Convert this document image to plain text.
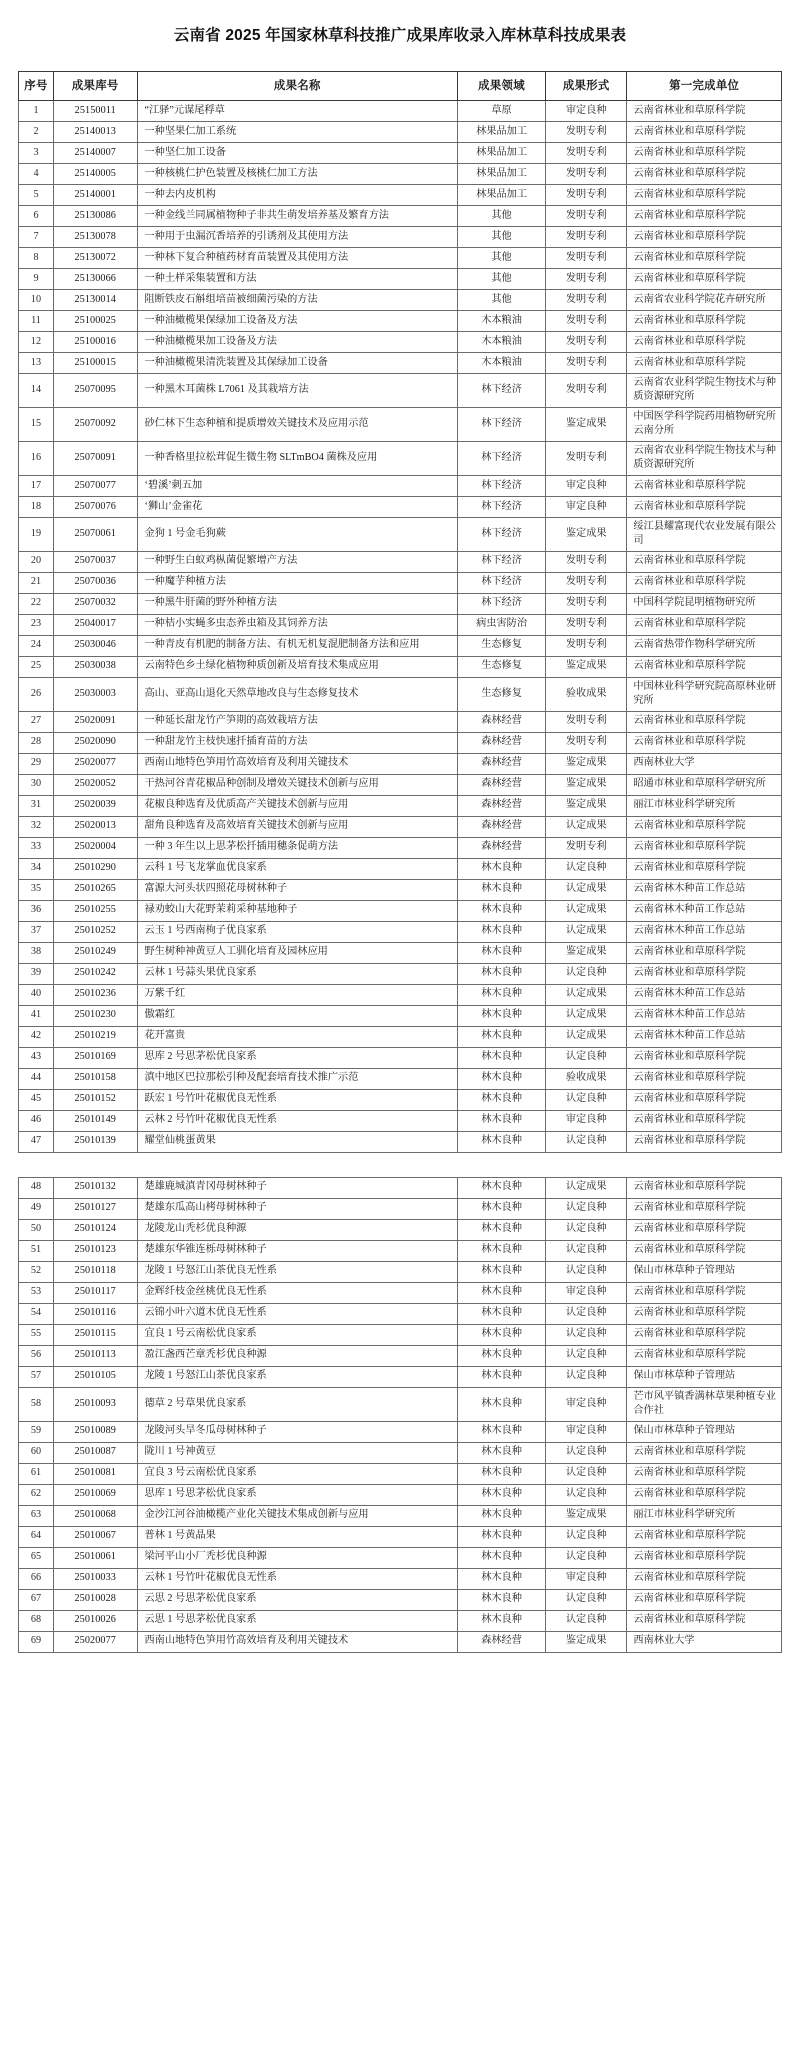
云南省 2025 年国家林草科技推广成果库收录入库林草科技成果表
序号	成果库号	成果名称	成果领域	成果形式	第一完成单位
1	25150011	“江驿”元谋尾稃草	草原	审定良种	云南省林业和草原科学院
2	25140013	一种坚果仁加工系统	林果品加工	发明专利	云南省林业和草原科学院
3	25140007	一种坚仁加工设备	林果品加工	发明专利	云南省林业和草原科学院
4	25140005	一种核桃仁护色装置及核桃仁加工方法	林果品加工	发明专利	云南省林业和草原科学院
5	25140001	一种去内皮机构	林果品加工	发明专利	云南省林业和草原科学院
6	25130086	一种金线兰同属植物种子非共生萌发培养基及繁育方法	其他	发明专利	云南省林业和草原科学院
7	25130078	一种用于虫漏沉香培养的引诱剂及其使用方法	其他	发明专利	云南省林业和草原科学院
8	25130072	一种林下复合种植药材育苗装置及其使用方法	其他	发明专利	云南省林业和草原科学院
9	25130066	一种土样采集装置和方法	其他	发明专利	云南省林业和草原科学院
10	25130014	阻断铁皮石斛组培苗被细菌污染的方法	其他	发明专利	云南省农业科学院花卉研究所
11	25100025	一种油橄榄果保绿加工设备及方法	木本粮油	发明专利	云南省林业和草原科学院
12	25100016	一种油橄榄果加工设备及方法	木本粮油	发明专利	云南省林业和草原科学院
13	25100015	一种油橄榄果清洗装置及其保绿加工设备	木本粮油	发明专利	云南省林业和草原科学院
14	25070095	一种黑木耳菌株 L7061 及其栽培方法	林下经济	发明专利	云南省农业科学院生物技术与种质资源研究所
15	25070092	砂仁林下生态种植和提质增效关键技术及应用示范	林下经济	鉴定成果	中国医学科学院药用植物研究所云南分所
16	25070091	一种香格里拉松茸促生微生物 SLTmBO4 菌株及应用	林下经济	发明专利	云南省农业科学院生物技术与种质资源研究所
17	25070077	‘碧溪’刺五加	林下经济	审定良种	云南省林业和草原科学院
18	25070076	‘狮山’金雀花	林下经济	审定良种	云南省林业和草原科学院
19	25070061	金狗 1 号金毛狗蕨	林下经济	鉴定成果	绥江县耀富现代农业发展有限公司
20	25070037	一种野生白蚁鸡枞菌促繁增产方法	林下经济	发明专利	云南省林业和草原科学院
21	25070036	一种魔芋种植方法	林下经济	发明专利	云南省林业和草原科学院
22	25070032	一种黑牛肝菌的野外种植方法	林下经济	发明专利	中国科学院昆明植物研究所
23	25040017	一种桔小实蝇多虫态养虫箱及其饲养方法	病虫害防治	发明专利	云南省林业和草原科学院
24	25030046	一种青皮有机肥的制备方法、有机无机复混肥制备方法和应用	生态修复	发明专利	云南省热带作物科学研究所
25	25030038	云南特色乡土绿化植物种质创新及培育技术集成应用	生态修复	鉴定成果	云南省林业和草原科学院
26	25030003	高山、亚高山退化天然草地改良与生态修复技术	生态修复	验收成果	中国林业科学研究院高原林业研究所
27	25020091	一种延长甜龙竹产笋期的高效栽培方法	森林经营	发明专利	云南省林业和草原科学院
28	25020090	一种甜龙竹主枝快速扦插育苗的方法	森林经营	发明专利	云南省林业和草原科学院
29	25020077	西南山地特色笋用竹高效培育及利用关键技术	森林经营	鉴定成果	西南林业大学
30	25020052	干热河谷青花椒品种创制及增效关键技术创新与应用	森林经营	鉴定成果	昭通市林业和草原科学研究所
31	25020039	花椒良种选育及优质高产关键技术创新与应用	森林经营	鉴定成果	丽江市林业科学研究所
32	25020013	甜角良种选育及高效培育关键技术创新与应用	森林经营	认定成果	云南省林业和草原科学院
33	25020004	一种 3 年生以上思茅松扦插用穗条促萌方法	森林经营	发明专利	云南省林业和草原科学院
34	25010290	云科 1 号飞龙掌血优良家系	林木良种	认定良种	云南省林业和草原科学院
35	25010265	富源大河头状四照花母树林种子	林木良种	认定成果	云南省林木种苗工作总站
36	25010255	禄劝蛟山大花野茉莉采种基地种子	林木良种	认定成果	云南省林木种苗工作总站
37	25010252	云玉 1 号西南栒子优良家系	林木良种	认定成果	云南省林木种苗工作总站
38	25010249	野生树种神黄豆人工驯化培育及园林应用	林木良种	鉴定成果	云南省林业和草原科学院
39	25010242	云林 1 号蒜头果优良家系	林木良种	认定良种	云南省林业和草原科学院
40	25010236	万紫千红	林木良种	认定成果	云南省林木种苗工作总站
41	25010230	傲霜红	林木良种	认定成果	云南省林木种苗工作总站
42	25010219	花开富贵	林木良种	认定成果	云南省林木种苗工作总站
43	25010169	思库 2 号思茅松优良家系	林木良种	认定良种	云南省林业和草原科学院
44	25010158	滇中地区巴拉那松引种及配套培育技术推广示范	林木良种	验收成果	云南省林业和草原科学院
45	25010152	跃宏 1 号竹叶花椒优良无性系	林木良种	认定良种	云南省林业和草原科学院
46	25010149	云林 2 号竹叶花椒优良无性系	林木良种	审定良种	云南省林业和草原科学院
47	25010139	耀堂仙桃蛋黄果	林木良种	认定良种	云南省林业和草原科学院
48	25010132	楚雄鹿城滇青冈母树林种子	林木良种	认定成果	云南省林业和草原科学院
49	25010127	楚雄东瓜高山栲母树林种子	林木良种	认定良种	云南省林业和草原科学院
50	25010124	龙陵龙山秃杉优良种源	林木良种	认定良种	云南省林业和草原科学院
51	25010123	楚雄东华锥连栎母树林种子	林木良种	认定良种	云南省林业和草原科学院
52	25010118	龙陵 1 号怒江山茶优良无性系	林木良种	认定良种	保山市林草种子管理站
53	25010117	金辉纤枝金丝桃优良无性系	林木良种	审定良种	云南省林业和草原科学院
54	25010116	云锦小叶六道木优良无性系	林木良种	认定良种	云南省林业和草原科学院
55	25010115	宜良 1 号云南松优良家系	林木良种	认定良种	云南省林业和草原科学院
56	25010113	盈江盏西芒章秃杉优良种源	林木良种	认定良种	云南省林业和草原科学院
57	25010105	龙陵 1 号怒江山茶优良家系	林木良种	认定良种	保山市林草种子管理站
58	25010093	德草 2 号草果优良家系	林木良种	审定良种	芒市风平镇香满林草果种植专业合作社
59	25010089	龙陵河头旱冬瓜母树林种子	林木良种	审定良种	保山市林草种子管理站
60	25010087	陇川 1 号神黄豆	林木良种	认定良种	云南省林业和草原科学院
61	25010081	宜良 3 号云南松优良家系	林木良种	认定良种	云南省林业和草原科学院
62	25010069	思库 1 号思茅松优良家系	林木良种	认定良种	云南省林业和草原科学院
63	25010068	金沙江河谷油橄榄产业化关键技术集成创新与应用	林木良种	鉴定成果	丽江市林业科学研究所
64	25010067	普林 1 号黄晶果	林木良种	认定良种	云南省林业和草原科学院
65	25010061	梁河平山小厂秃杉优良种源	林木良种	认定良种	云南省林业和草原科学院
66	25010033	云林 1 号竹叶花椒优良无性系	林木良种	审定良种	云南省林业和草原科学院
67	25010028	云思 2 号思茅松优良家系	林木良种	认定良种	云南省林业和草原科学院
68	25010026	云思 1 号思茅松优良家系	林木良种	认定良种	云南省林业和草原科学院
69	25020077	西南山地特色笋用竹高效培育及利用关键技术	森林经营	鉴定成果	西南林业大学
